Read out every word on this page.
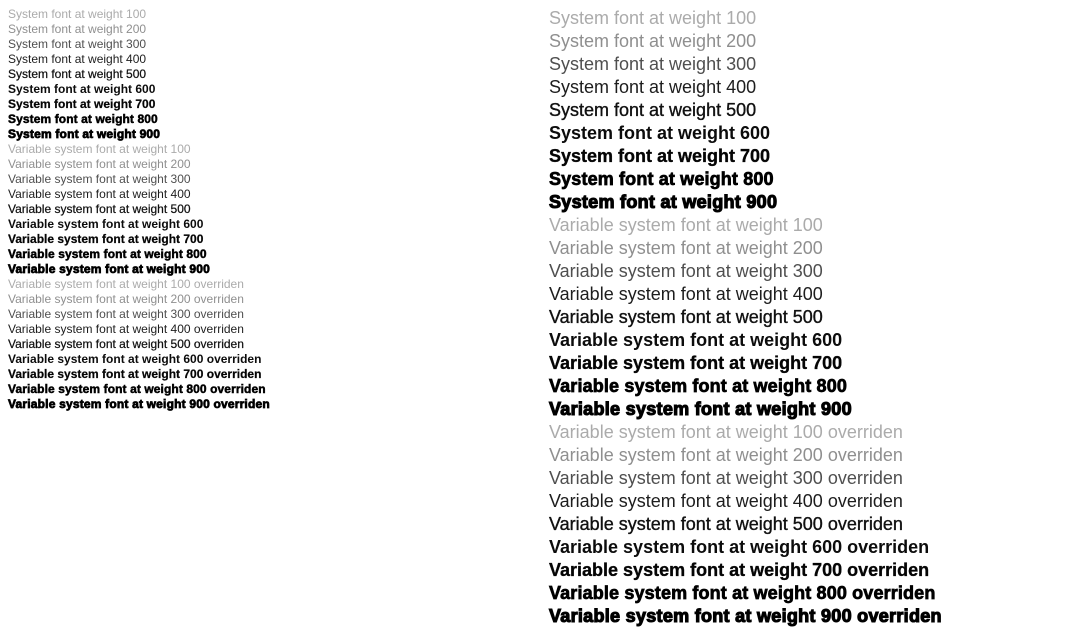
System font at weight 100
System font at weight 200
System font at weight 300
System font at weight 400
System font at weight 500
System font at weight 600
System font at weight 700
System font at weight 800
System font at weight 900
Variable system font at weight 100
Variable system font at weight 200
Variable system font at weight 300
Variable system font at weight 400
Variable system font at weight 500
Variable system font at weight 600
Variable system font at weight 700
Variable system font at weight 800
Variable system font at weight 900
Variable system font at weight 100 overriden
Variable system font at weight 200 overriden
Variable system font at weight 300 overriden
Variable system font at weight 400 overriden
Variable system font at weight 500 overriden
Variable system font at weight 600 overriden
Variable system font at weight 700 overriden
Variable system font at weight 800 overriden
Variable system font at weight 900 overriden
System font at weight 100
System font at weight 200
System font at weight 300
System font at weight 400
System font at weight 500
System font at weight 600
System font at weight 700
System font at weight 800
System font at weight 900
Variable system font at weight 100
Variable system font at weight 200
Variable system font at weight 300
Variable system font at weight 400
Variable system font at weight 500
Variable system font at weight 600
Variable system font at weight 700
Variable system font at weight 800
Variable system font at weight 900
Variable system font at weight 100 overriden
Variable system font at weight 200 overriden
Variable system font at weight 300 overriden
Variable system font at weight 400 overriden
Variable system font at weight 500 overriden
Variable system font at weight 600 overriden
Variable system font at weight 700 overriden
Variable system font at weight 800 overriden
Variable system font at weight 900 overriden
